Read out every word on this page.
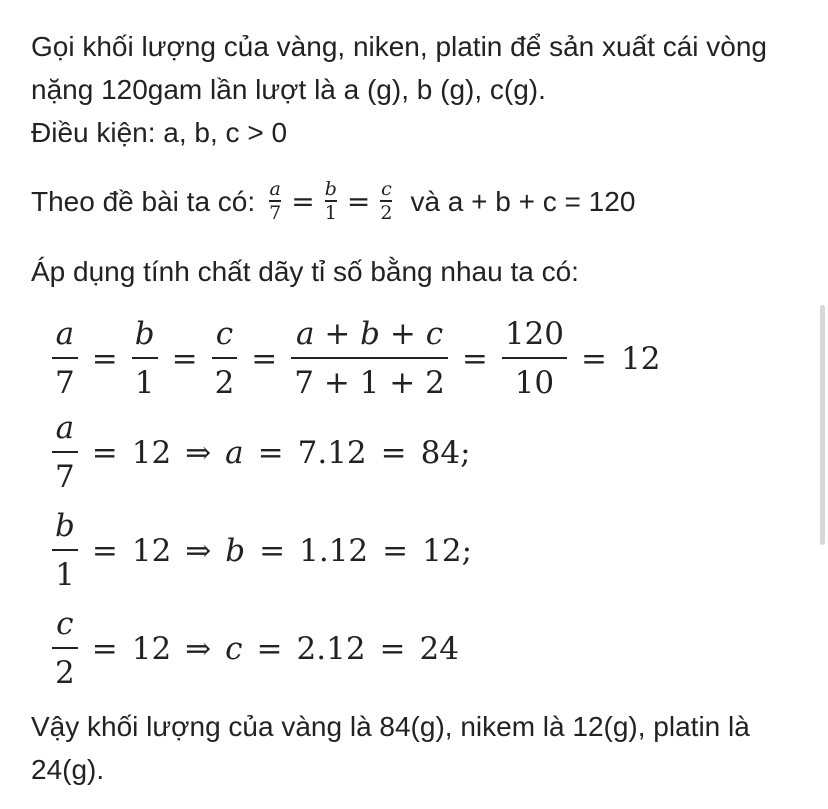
Gọi khối lượng của vàng, niken, platin để sản xuất cái vòng nặng 120gam lần lượt là a (g), b (g), c(g).

Điều kiện: a, b, c > 0

Theo đề bài ta có: $\frac{a}{7} = \frac{b}{1} = \frac{c}{2}$ và a + b + c = 120

Áp dụng tính chất dãy tỉ số bằng nhau ta có:

$\frac{a}{7} = \frac{b}{1} = \frac{c}{2} = \frac{a + b + c}{7 + 1 + 2} = \frac{120}{10} = 12$
$\frac{a}{7} = 12$ ⇒ a = 7.12 = 84;
$\frac{b}{1} = 12$ ⇒ b = 1.12 = 12;
$\frac{c}{2} = 12$ ⇒ c = 2.12 = 24

Vậy khối lượng của vàng là 84(g), nikem là 12(g), platin là 24(g).
